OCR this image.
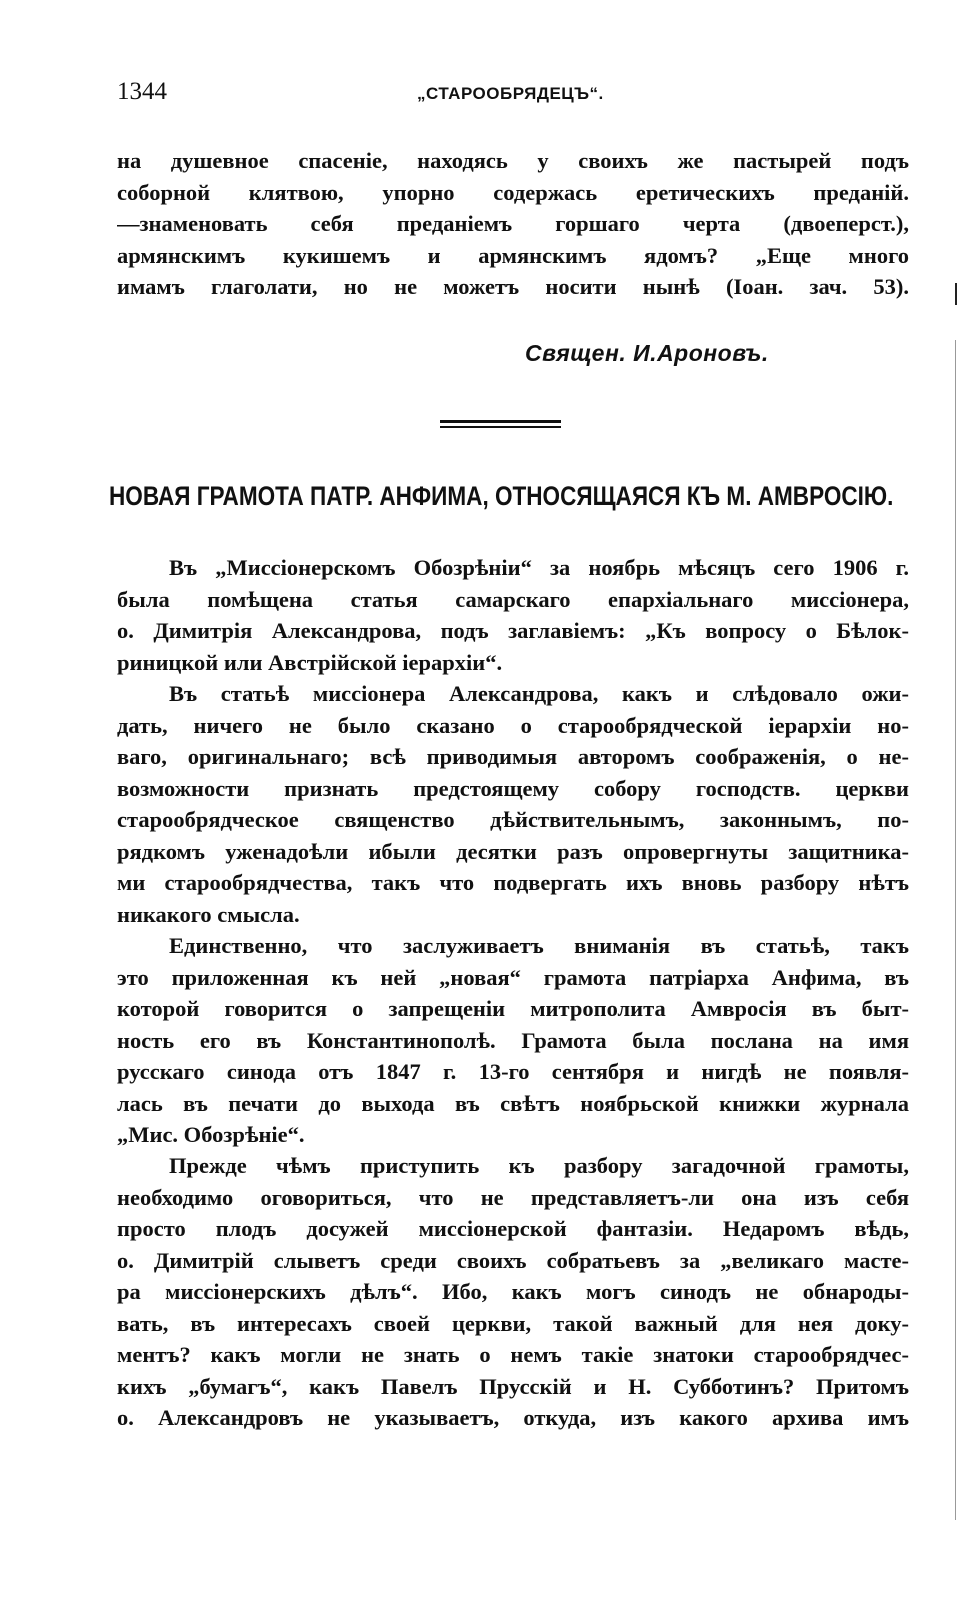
1344	„СТАРООБРЯДЕЦЪ“.
на душевное спасеніе, находясь у своихъ же пастырей подъ
соборной клятвою, упорно содержась еретическихъ преданій.
—знаменовать себя преданіемъ горшаго черта (двоеперст.),
армянскимъ кукишемъ и армянскимъ ядомъ? „Еще много
имамъ глаголати, но не можетъ носити нынѣ (Іоан. зач. 53).
Священ. И.Ароновъ.
НОВАЯ ГРАМОТА ПАТР. АНФИМА, ОТНОСЯЩАЯСЯ КЪ М. АМВРОСІЮ.
Въ „Миссіонерскомъ Обозрѣніи“ за ноябрь мѣсяцъ сего 1906 г.
была помѣщена статья самарскаго епархіальнаго миссіонера,
о. Димитрія Александрова, подъ заглавіемъ: „Къ вопросу о Бѣлок-
риницкой или Австрійской іерархіи“.
Въ статьѣ миссіонера Александрова, какъ и слѣдовало ожи-
дать, ничего не было сказано о старообрядческой іерархіи но-
ваго, оригинальнаго; всѣ приводимыя авторомъ соображенія, о не-
возможности признать предстоящему собору господств. церкви
старообрядческое священство дѣйствительнымъ, законнымъ, по-
рядкомъ уженадоѣли ибыли десятки разъ опровергнуты защитника-
ми старообрядчества, такъ что подвергать ихъ вновь разбору нѣтъ
никакого смысла.
Единственно, что заслуживаетъ вниманія въ статьѣ, такъ
это приложенная къ ней „новая“ грамота патріарха Анфима, въ
которой говорится о запрещеніи митрополита Амвросія въ быт-
ность его въ Константинополѣ. Грамота была послана на имя
русскаго синода отъ 1847 г. 13-го сентября и нигдѣ не появля-
лась въ печати до выхода въ свѣтъ ноябрьской книжки журнала
„Мис. Обозрѣніе“.
Прежде чѣмъ приступить къ разбору загадочной грамоты,
необходимо оговориться, что не представляетъ-ли она изъ себя
просто плодъ досужей миссіонерской фантазіи. Недаромъ вѣдь,
о. Димитрій слыветъ среди своихъ собратьевъ за „великаго масте-
ра миссіонерскихъ дѣлъ“. Ибо, какъ могъ синодъ не обнароды-
вать, въ интересахъ своей церкви, такой важный для нея доку-
ментъ? какъ могли не знать о немъ такіе знатоки старообрядчес-
кихъ „бумагъ“, какъ Павелъ Прусскій и Н. Субботинъ? Притомъ
о. Александровъ не указываетъ, откуда, изъ какого архива имъ
